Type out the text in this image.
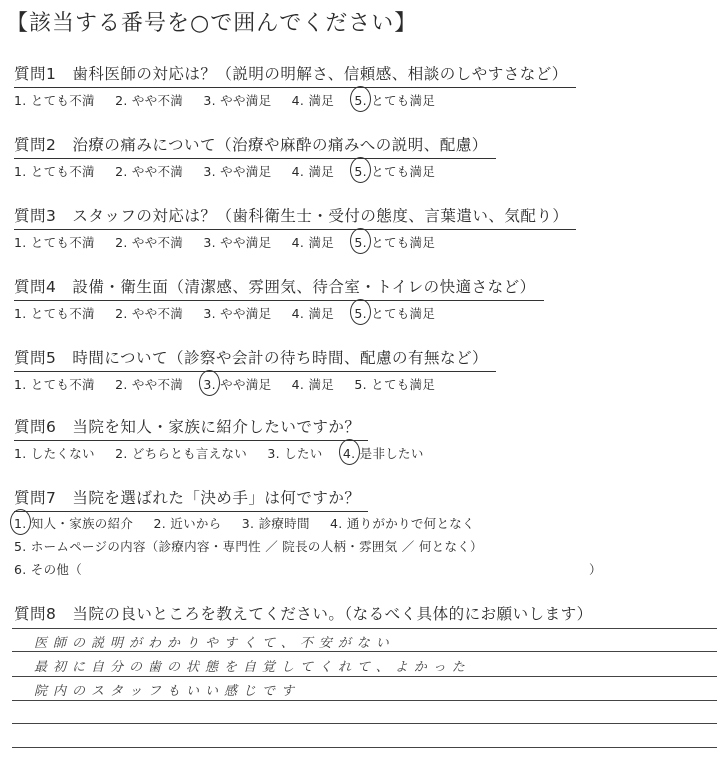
【該当する番号を○で囲んでください】
質問1　歯科医師の対応は？（説明の明解さ、信頼感、相談のしやすさなど）
1. とても不満 2. やや不満 3. やや満足 4. 満足 5. とても満足
質問2　治療の痛みについて（治療や麻酔の痛みへの説明、配慮）
1. とても不満 2. やや不満 3. やや満足 4. 満足 5. とても満足
質問3　スタッフの対応は？（歯科衛生士・受付の態度、言葉遣い、気配り）
1. とても不満 2. やや不満 3. やや満足 4. 満足 5. とても満足
質問4　設備・衛生面（清潔感、雰囲気、待合室・トイレの快適さなど）
1. とても不満 2. やや不満 3. やや満足 4. 満足 5. とても満足
質問5　時間について（診察や会計の待ち時間、配慮の有無など）
1. とても不満 2. やや不満 3. やや満足 4. 満足 5. とても満足
質問6　当院を知人・家族に紹介したいですか？
1. したくない 2. どちらとも言えない 3. したい 4. 是非したい
質問7　当院を選ばれた「決め手」は何ですか？
1. 知人・家族の紹介 2. 近いから 3. 診療時間 4. 通りがかりで何となく
5. ホームページの内容（診療内容・専門性 ／ 院長の人柄・雰囲気 ／ 何となく）
6. その他（	）
質問8　当院の良いところを教えてください。（なるべく具体的にお願いします）
医師の説明がわかりやすくて、不安がない
最初に自分の歯の状態を自覚してくれて、よかった
院内のスタッフもいい感じです
